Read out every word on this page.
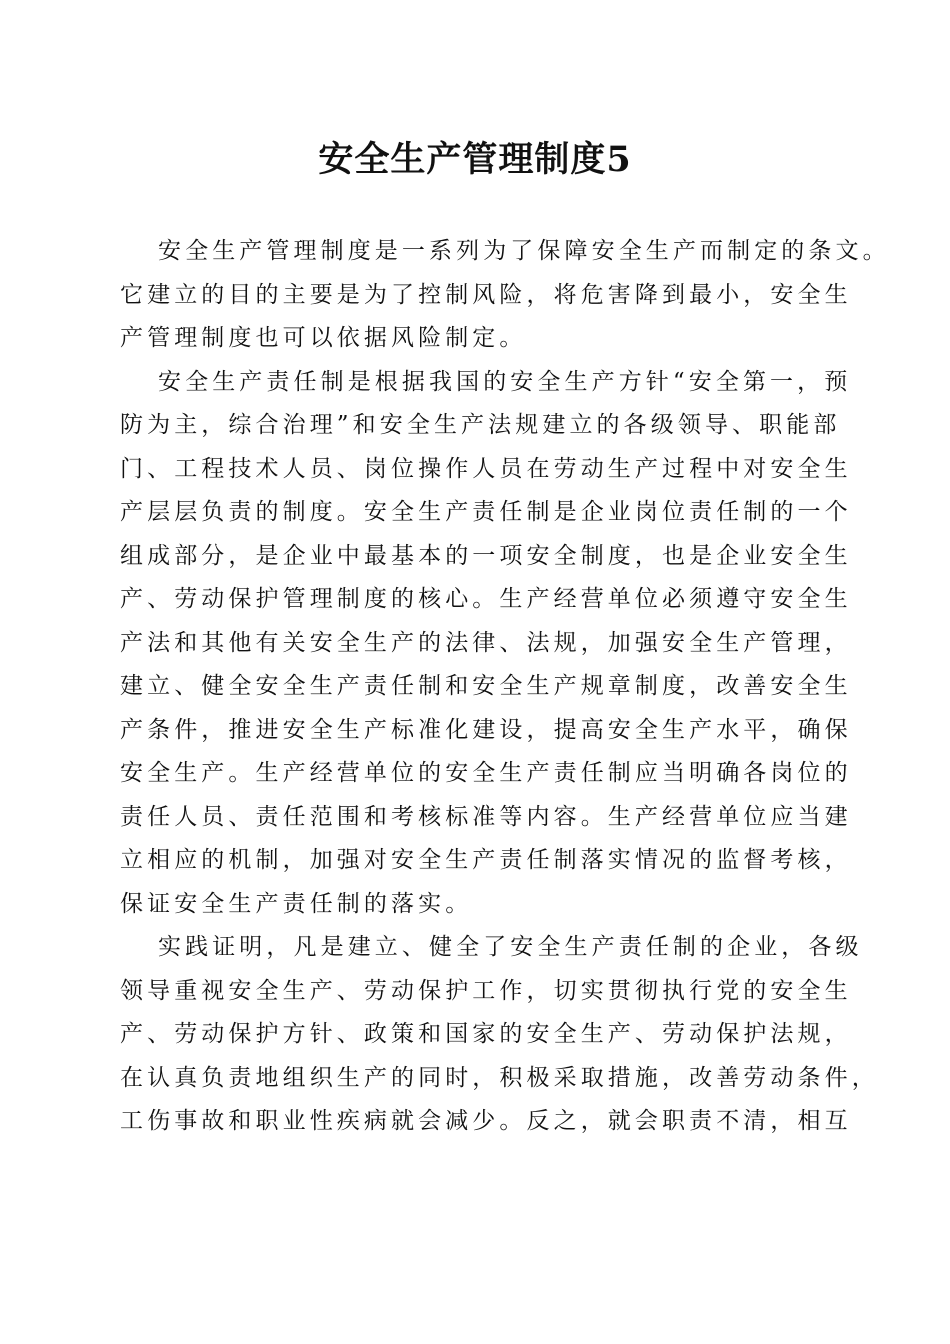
安全生产管理制度5
安全生产管理制度是一系列为了保障安全生产而制定的条文。
它建立的目的主要是为了控制风险，将危害降到最小，安全生
产管理制度也可以依据风险制定。
安全生产责任制是根据我国的安全生产方针“安全第一，预
防为主，综合治理”和安全生产法规建立的各级领导、职能部
门、工程技术人员、岗位操作人员在劳动生产过程中对安全生
产层层负责的制度。安全生产责任制是企业岗位责任制的一个
组成部分，是企业中最基本的一项安全制度，也是企业安全生
产、劳动保护管理制度的核心。生产经营单位必须遵守安全生
产法和其他有关安全生产的法律、法规，加强安全生产管理，
建立、健全安全生产责任制和安全生产规章制度，改善安全生
产条件，推进安全生产标准化建设，提高安全生产水平，确保
安全生产。生产经营单位的安全生产责任制应当明确各岗位的
责任人员、责任范围和考核标准等内容。生产经营单位应当建
立相应的机制，加强对安全生产责任制落实情况的监督考核，
保证安全生产责任制的落实。
实践证明，凡是建立、健全了安全生产责任制的企业，各级
领导重视安全生产、劳动保护工作，切实贯彻执行党的安全生
产、劳动保护方针、政策和国家的安全生产、劳动保护法规，
在认真负责地组织生产的同时，积极采取措施，改善劳动条件，
工伤事故和职业性疾病就会减少。反之，就会职责不清，相互
